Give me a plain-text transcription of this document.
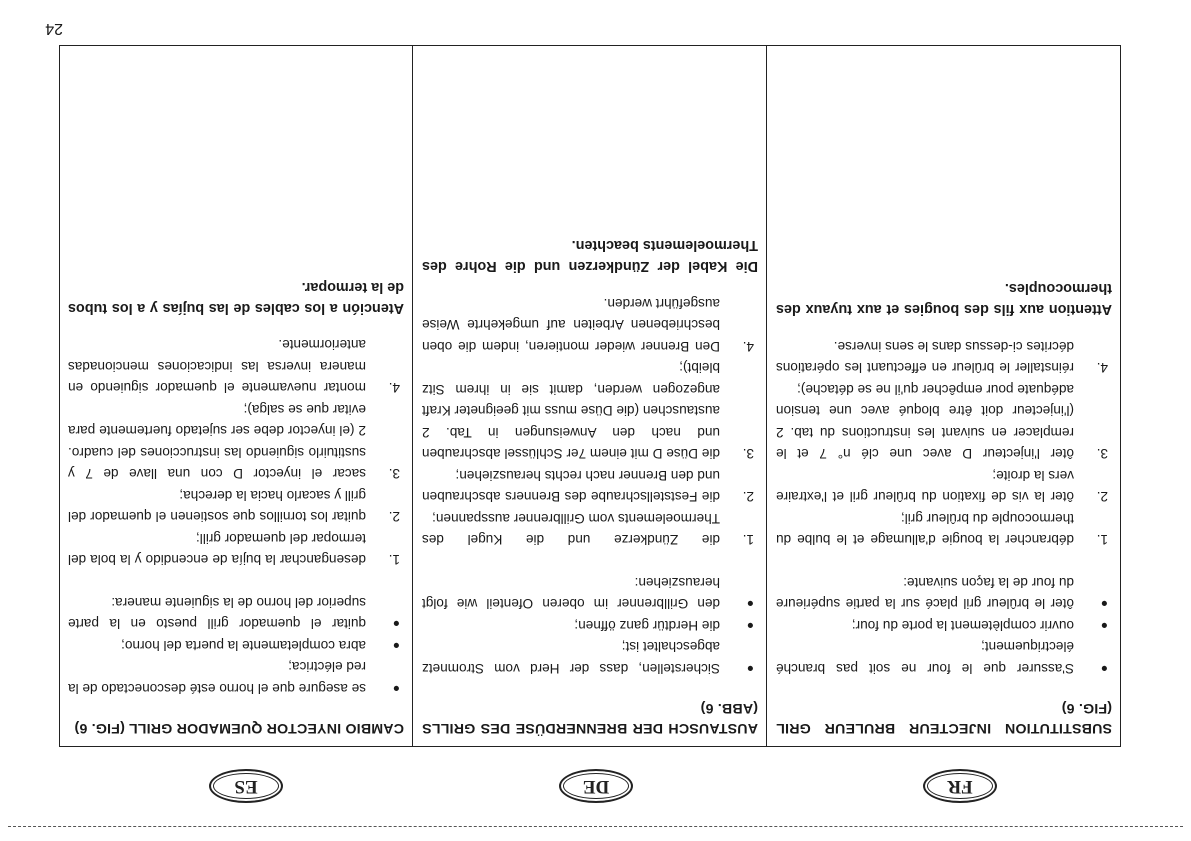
FR
DE
ES
SUBSTITUTION INJECTEUR BRULEUR GRIL (FIG. 6)
●
S'assurer que le four ne soit pas branché électriquement;
●
ouvrir complètement la porte du four;
●
ôter le brûleur gril placé sur la partie supérieure du four de la façon suivante:
1.
débrancher la bougie d'allumage et le bulbe du thermocouple du brûleur gril;
2.
ôter la vis de fixation du brûleur gril et l'extraire vers la droite;
3.
ôter l'injecteur D avec une clé n° 7 et le remplacer en suivant les instructions du tab. 2 (l'injecteur doit être bloqué avec une tension adéquate pour empêcher qu'il ne se détache);
4.
réinstaller le brûleur en effectuant les opérations décrites ci-dessus dans le sens inverse.
Attention aux fils des bougies et aux tuyaux des thermocouples.
AUSTAUSCH DER BRENNERDÜSE DES GRILLS (ABB. 6)
●
Sicherstellen, dass der Herd vom Stromnetz abgeschaltet ist;
●
die Herdtür ganz öffnen;
●
den Grillbrenner im oberen Ofenteil wie folgt herausziehen:
1.
die Zündkerze und die Kugel des Thermoelements vom Grillbrenner ausspannen;
2.
die Feststellschraube des Brenners abschrauben und den Brenner nach rechts herausziehen;
3.
die Düse D mit einem 7er Schlüssel abschrauben und nach den Anweisungen in Tab. 2 austauschen (die Düse muss mit geeigneter Kraft angezogen werden, damit sie in ihrem Sitz bleibt);
4.
Den Brenner wieder montieren, indem die oben beschriebenen Arbeiten auf umgekehrte Weise ausgeführt werden.
Die Kabel der Zündkerzen und die Rohre des Thermoelements beachten.
CAMBIO INYECTOR QUEMADOR GRILL (FIG. 6)
●
se asegure que el horno esté desconectado de la red eléctrica;
●
abra completamente la puerta del horno;
●
quitar el quemador grill puesto en la parte superior del horno de la siguiente manera:
1.
desenganchar la bujía de encendido y la bola del termopar del quemador grill;
2.
quitar los tornillos que sostienen el quemador del grill y sacarlo hacia la derecha;
3.
sacar el inyector D con una llave de 7 y sustituirlo siguiendo las instrucciones del cuadro. 2 (el inyector debe ser sujetado fuertemente para evitar que se salga);
4.
montar nuevamente el quemador siguiendo en manera inversa las indicaciones mencionadas anteriormente.
Atención a los cables de las bujías y a los tubos de la termopar.
24
